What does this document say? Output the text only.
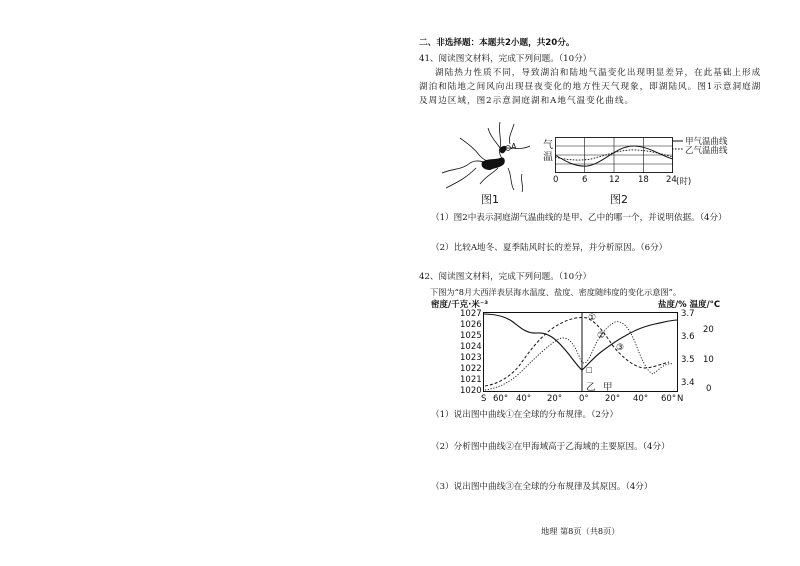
二、非选择题：本题共2小题，共20分。
41、阅读图文材料，完成下列问题。（10分）
湖陆热力性质不同，导致湖泊和陆地气温变化出现明显差异，在此基础上形成湖泊和陆地之间风向出现昼夜变化的地方性天气现象，即湖陆风。图1示意洞庭湖及周边区域，图2示意洞庭湖和A地气温变化曲线。
A
图1
气
温
甲气温曲线
乙气温曲线
0	6	12 18 24 (时)
图2
（1）图2中表示洞庭湖气温曲线的是甲、乙中的哪一个，并说明依据。（4分）
（2）比较A地冬、夏季陆风时长的差异，并分析原因。（6分）
42、阅读图文材料，完成下列问题。（10分）
下图为“8月大西洋表层海水温度、盐度、密度随纬度的变化示意图”。
密度/千克·米⁻³	盐度/% 温度/°C
1027
1026
1025
1024
1023
1022
1021
1020
3.7
3.6
3.5
3.4
20
10
0
①
②
③
□
乙 甲
S 60° 40° 20° 0° 20° 40° 60° N
（1）说出图中曲线①在全球的分布规律。（2分）
（2）分析图中曲线②在甲海域高于乙海域的主要原因。（4分）
（3）说出图中曲线③在全球的分布规律及其原因。（4分）
地理 第8页（共8页）
